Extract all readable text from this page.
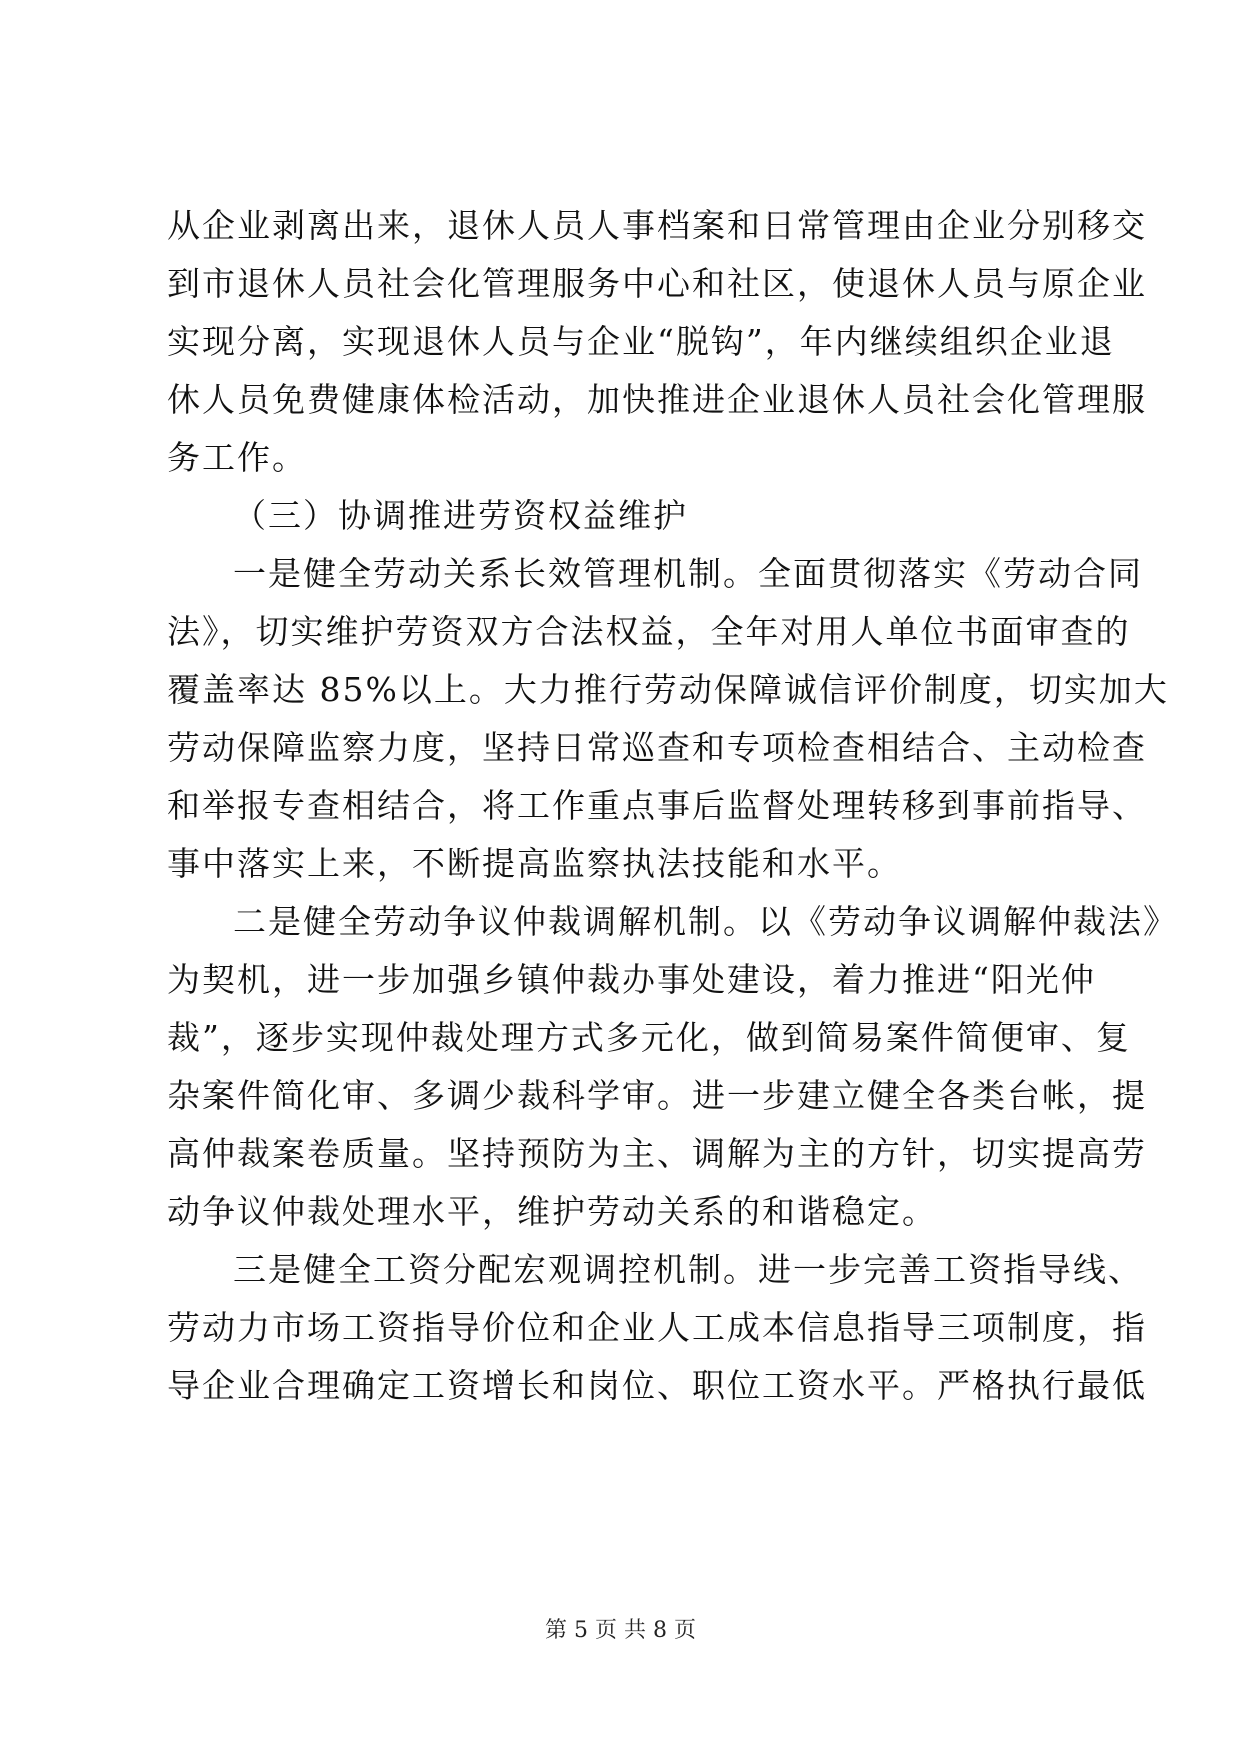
从企业剥离出来，退休人员人事档案和日常管理由企业分别移交
到市退休人员社会化管理服务中心和社区，使退休人员与原企业
实现分离，实现退休人员与企业“脱钩”，年内继续组织企业退
休人员免费健康体检活动，加快推进企业退休人员社会化管理服
务工作。
（三）协调推进劳资权益维护
一是健全劳动关系长效管理机制。全面贯彻落实《劳动合同
法》，切实维护劳资双方合法权益，全年对用人单位书面审查的
覆盖率达 85%以上。大力推行劳动保障诚信评价制度，切实加大
劳动保障监察力度，坚持日常巡查和专项检查相结合、主动检查
和举报专查相结合，将工作重点事后监督处理转移到事前指导、
事中落实上来，不断提高监察执法技能和水平。
二是健全劳动争议仲裁调解机制。以《劳动争议调解仲裁法》
为契机，进一步加强乡镇仲裁办事处建设，着力推进“阳光仲
裁”，逐步实现仲裁处理方式多元化，做到简易案件简便审、复
杂案件简化审、多调少裁科学审。进一步建立健全各类台帐，提
高仲裁案卷质量。坚持预防为主、调解为主的方针，切实提高劳
动争议仲裁处理水平，维护劳动关系的和谐稳定。
三是健全工资分配宏观调控机制。进一步完善工资指导线、
劳动力市场工资指导价位和企业人工成本信息指导三项制度，指
导企业合理确定工资增长和岗位、职位工资水平。严格执行最低
第 5 页 共 8 页
